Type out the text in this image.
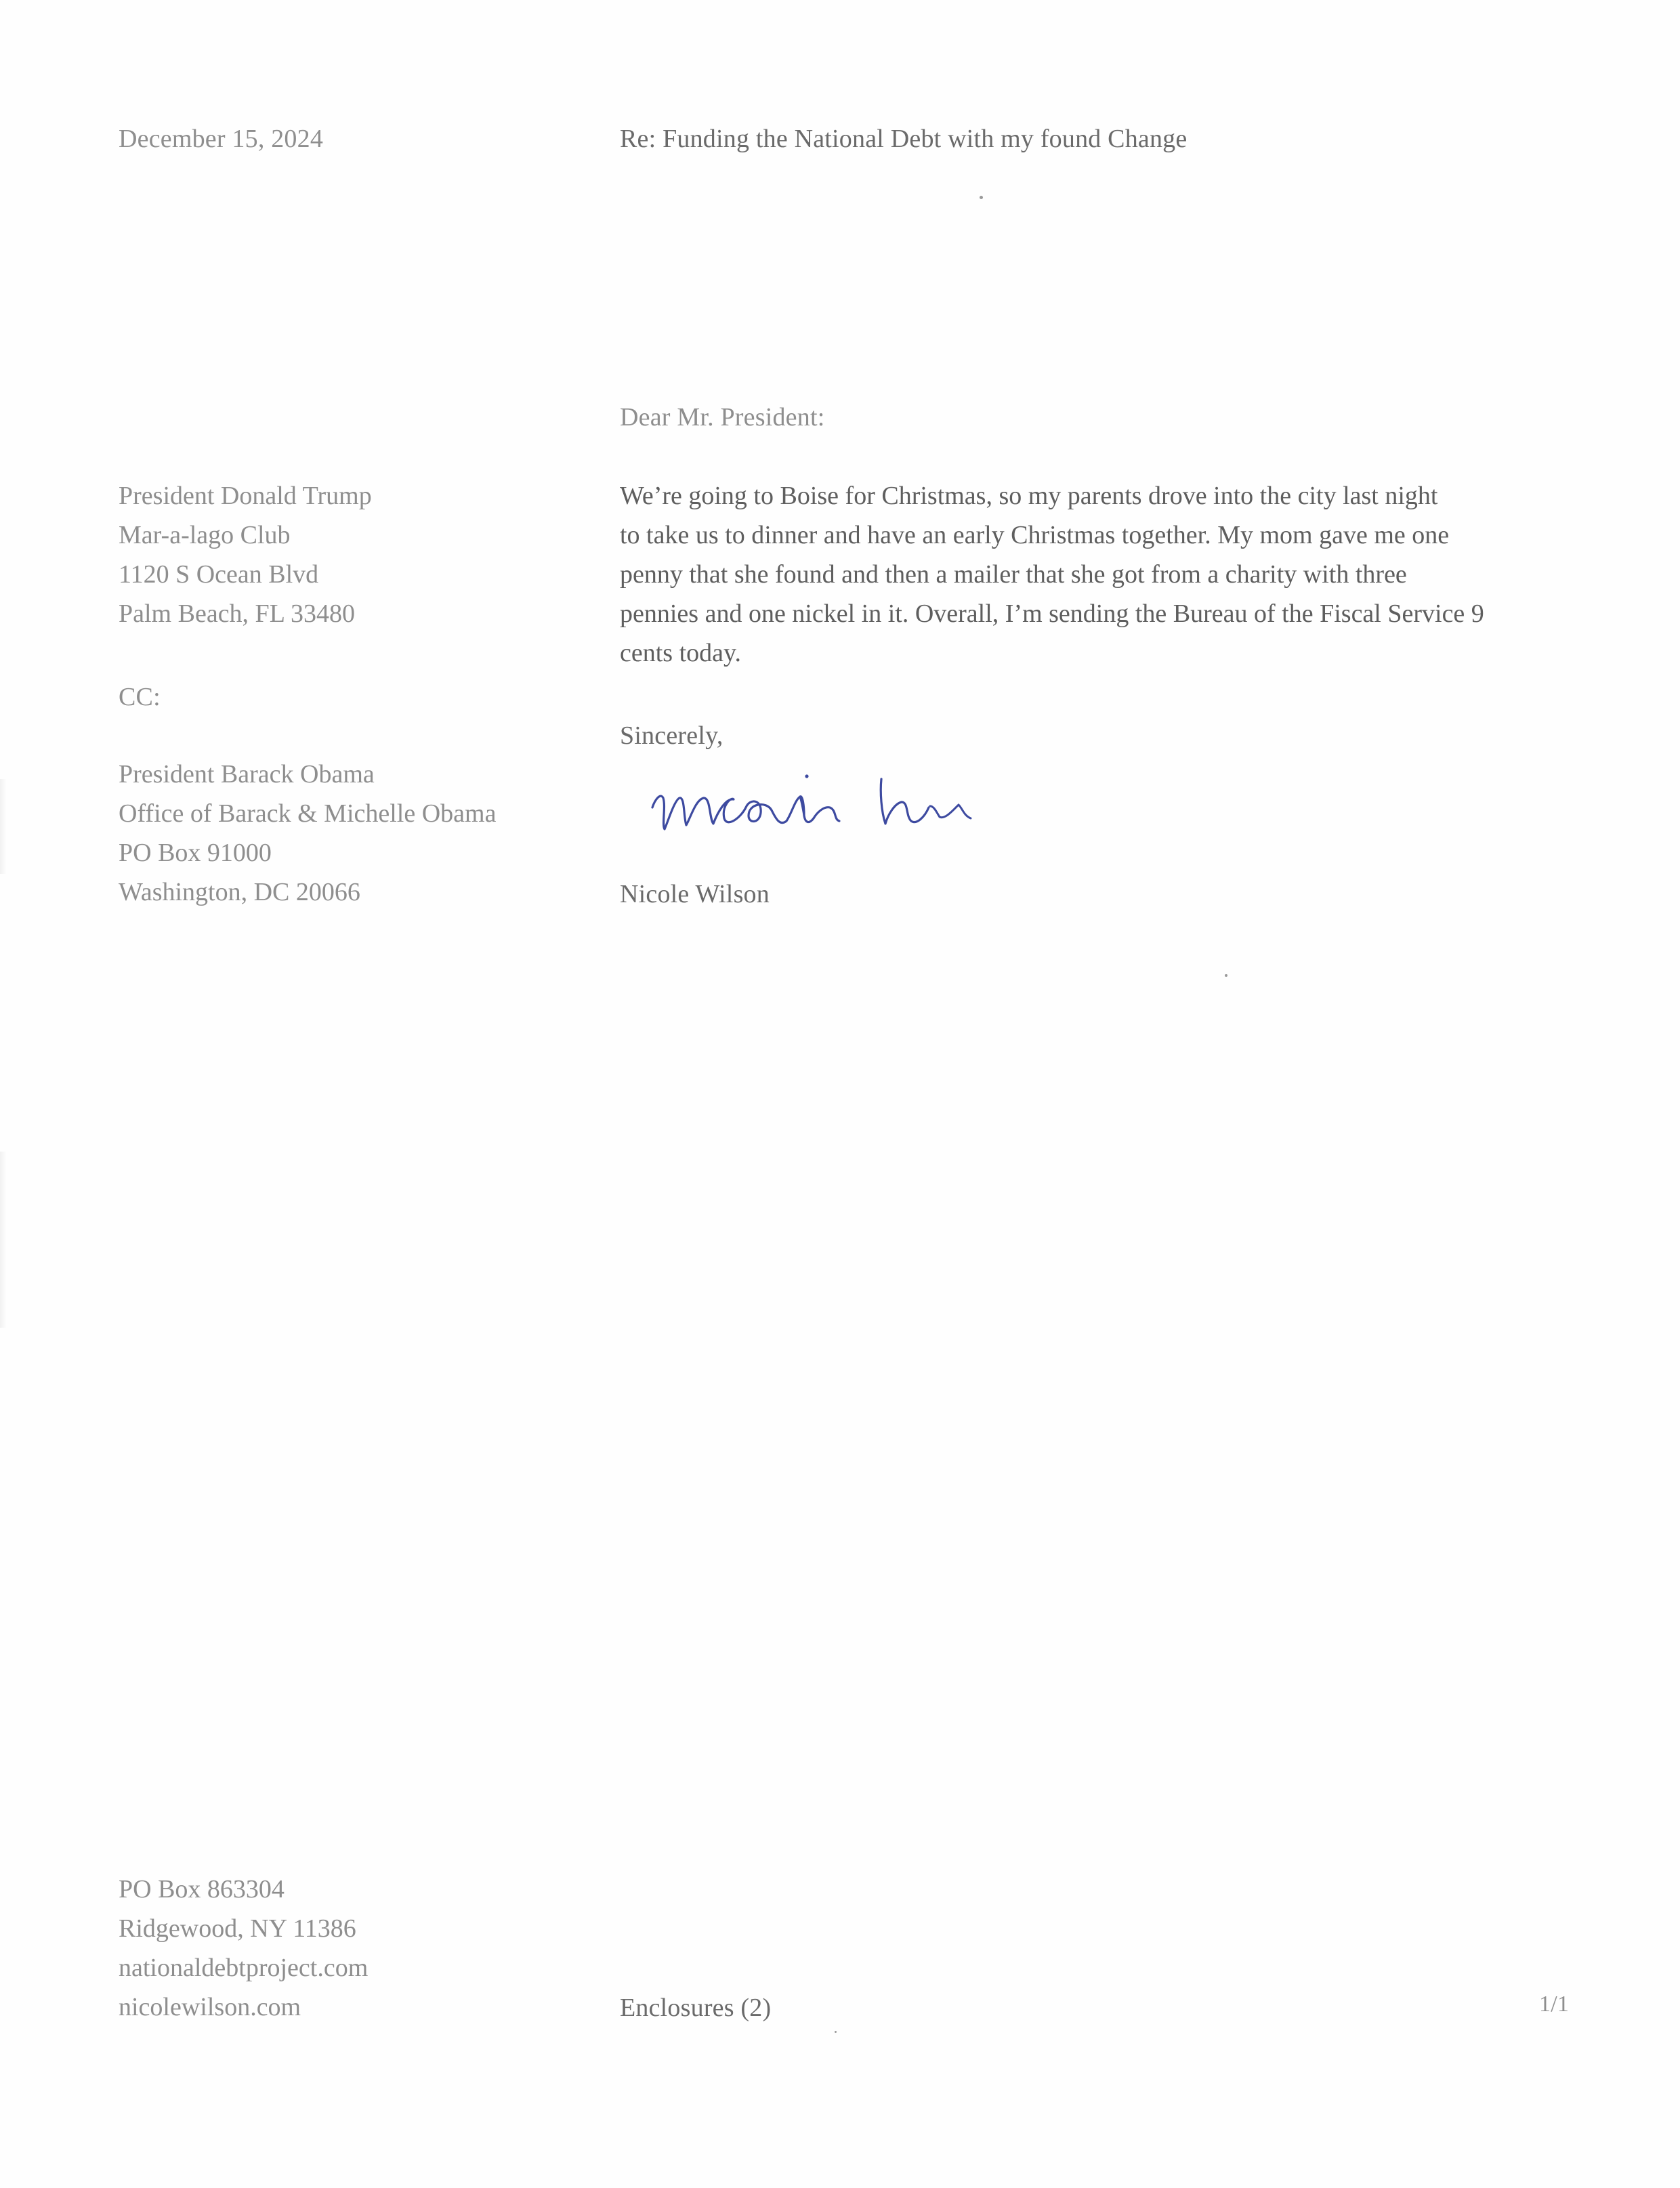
December 15, 2024	Re: Funding the National Debt with my found Change
Dear Mr. President:
President Donald Trump
Mar-a-lago Club
1120 S Ocean Blvd
Palm Beach, FL 33480
We’re going to Boise for Christmas, so my parents drove into the city last night
to take us to dinner and have an early Christmas together. My mom gave me one
penny that she found and then a mailer that she got from a charity with three
pennies and one nickel in it. Overall, I’m sending the Bureau of the Fiscal Service 9
cents today.
CC:
Sincerely,
President Barack Obama
Office of Barack & Michelle Obama
PO Box 91000
Washington, DC 20066	Nicole Wilson
PO Box 863304
Ridgewood, NY 11386
nationaldebtproject.com
nicolewilson.com	Enclosures (2)	1/1
